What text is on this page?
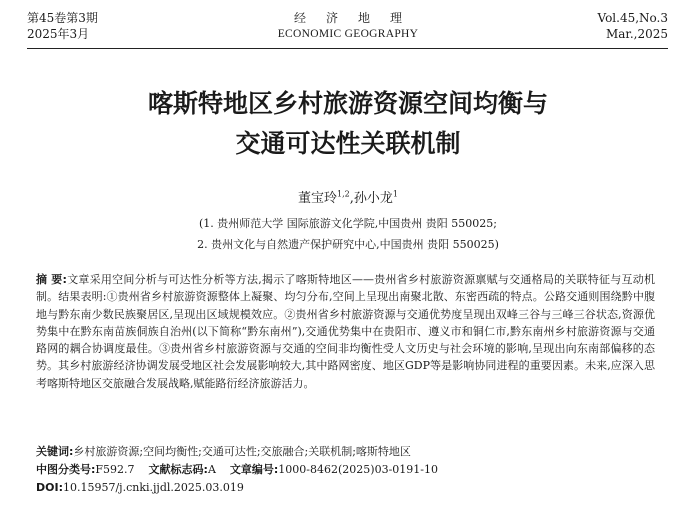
第45卷第3期
2025年3月
经济地理
ECONOMIC GEOGRAPHY
Vol.45,No.3
Mar.,2025
喀斯特地区乡村旅游资源空间均衡与
交通可达性关联机制
董宝玲$^{1,2}$,孙小龙$^1$
(1. 贵州师范大学 国际旅游文化学院,中国贵州 贵阳 550025;
2. 贵州文化与自然遗产保护研究中心,中国贵州 贵阳 550025)
摘 要:文章采用空间分析与可达性分析等方法,揭示了喀斯特地区——贵州省乡村旅游资源禀赋与交通格局的关联特征与互动机制。结果表明:①贵州省乡村旅游资源整体上凝聚、均匀分布,空间上呈现出南聚北散、东密西疏的特点。公路交通则围绕黔中腹地与黔东南少数民族聚居区,呈现出区域规模效应。②贵州省乡村旅游资源与交通优势度呈现出双峰三谷与三峰三谷状态,资源优势集中在黔东南苗族侗族自治州(以下简称“黔东南州”),交通优势集中在贵阳市、遵义市和铜仁市,黔东南州乡村旅游资源与交通路网的耦合协调度最佳。③贵州省乡村旅游资源与交通的空间非均衡性受人文历史与社会环境的影响,呈现出向东南部偏移的态势。其乡村旅游经济协调发展受地区社会发展影响较大,其中路网密度、地区GDP等是影响协同进程的重要因素。未来,应深入思考喀斯特地区交旅融合发展战略,赋能路衍经济旅游活力。
关键词:乡村旅游资源;空间均衡性;交通可达性;交旅融合;关联机制;喀斯特地区
中图分类号:F592.7 文献标志码:A 文章编号:1000-8462(2025)03-0191-10
DOI:10.15957/j.cnki.jjdl.2025.03.019
